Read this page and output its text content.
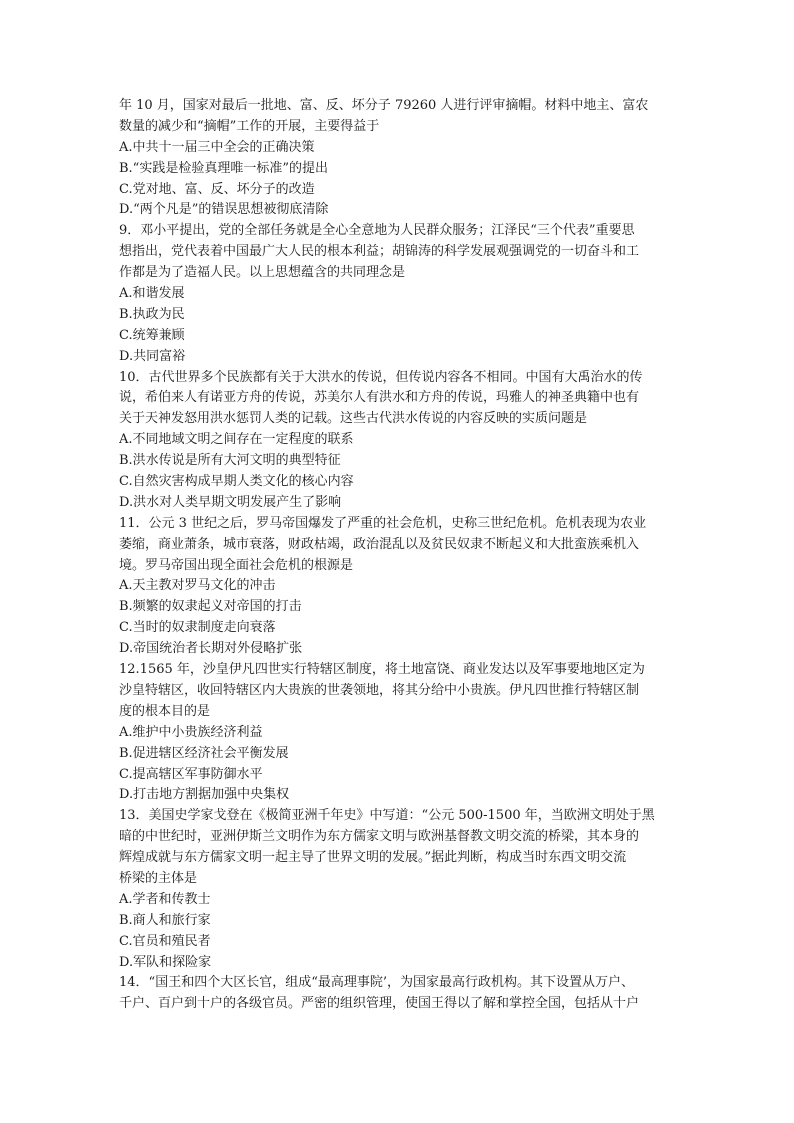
年 10 月，国家对最后一批地、富、反、坏分子 79260 人进行评审摘帽。材料中地主、富农
数量的减少和“摘帽”工作的开展，主要得益于
A.中共十一届三中全会的正确决策
B.“实践是检验真理唯一标准”的提出
C.党对地、富、反、坏分子的改造
D.“两个凡是”的错误思想被彻底清除
9．邓小平提出，党的全部任务就是全心全意地为人民群众服务；江泽民“三个代表”重要思
想指出，党代表着中国最广大人民的根本利益；胡锦涛的科学发展观强调党的一切奋斗和工
作都是为了造福人民。以上思想蕴含的共同理念是
A.和谐发展
B.执政为民
C.统筹兼顾
D.共同富裕
10．古代世界多个民族都有关于大洪水的传说，但传说内容各不相同。中国有大禹治水的传
说，希伯来人有诺亚方舟的传说，苏美尔人有洪水和方舟的传说，玛雅人的神圣典籍中也有
关于天神发怒用洪水惩罚人类的记载。这些古代洪水传说的内容反映的实质问题是
A.不同地域文明之间存在一定程度的联系
B.洪水传说是所有大河文明的典型特征
C.自然灾害构成早期人类文化的核心内容
D.洪水对人类早期文明发展产生了影响
11．公元 3 世纪之后，罗马帝国爆发了严重的社会危机，史称三世纪危机。危机表现为农业
萎缩，商业萧条，城市衰落，财政枯竭，政治混乱以及贫民奴隶不断起义和大批蛮族乘机入
境。罗马帝国出现全面社会危机的根源是
A.天主教对罗马文化的冲击
B.频繁的奴隶起义对帝国的打击
C.当时的奴隶制度走向衰落
D.帝国统治者长期对外侵略扩张
12.1565 年，沙皇伊凡四世实行特辖区制度，将土地富饶、商业发达以及军事要地地区定为
沙皇特辖区，收回特辖区内大贵族的世袭领地，将其分给中小贵族。伊凡四世推行特辖区制
度的根本目的是
A.维护中小贵族经济利益
B.促进辖区经济社会平衡发展
C.提高辖区军事防御水平
D.打击地方割据加强中央集权
13．美国史学家戈登在《极简亚洲千年史》中写道：“公元 500-1500 年，当欧洲文明处于黑
暗的中世纪时，亚洲伊斯兰文明作为东方儒家文明与欧洲基督教文明交流的桥梁，其本身的
辉煌成就与东方儒家文明一起主导了世界文明的发展。”据此判断，构成当时东西文明交流
桥梁的主体是
A.学者和传教士
B.商人和旅行家
C.官员和殖民者
D.军队和探险家
14．“国王和四个大区长官，组成“最高理事院’，为国家最高行政机构。其下设置从万户、
千户、百户到十户的各级官员。严密的组织管理，使国王得以了解和掌控全国，包括从十户
